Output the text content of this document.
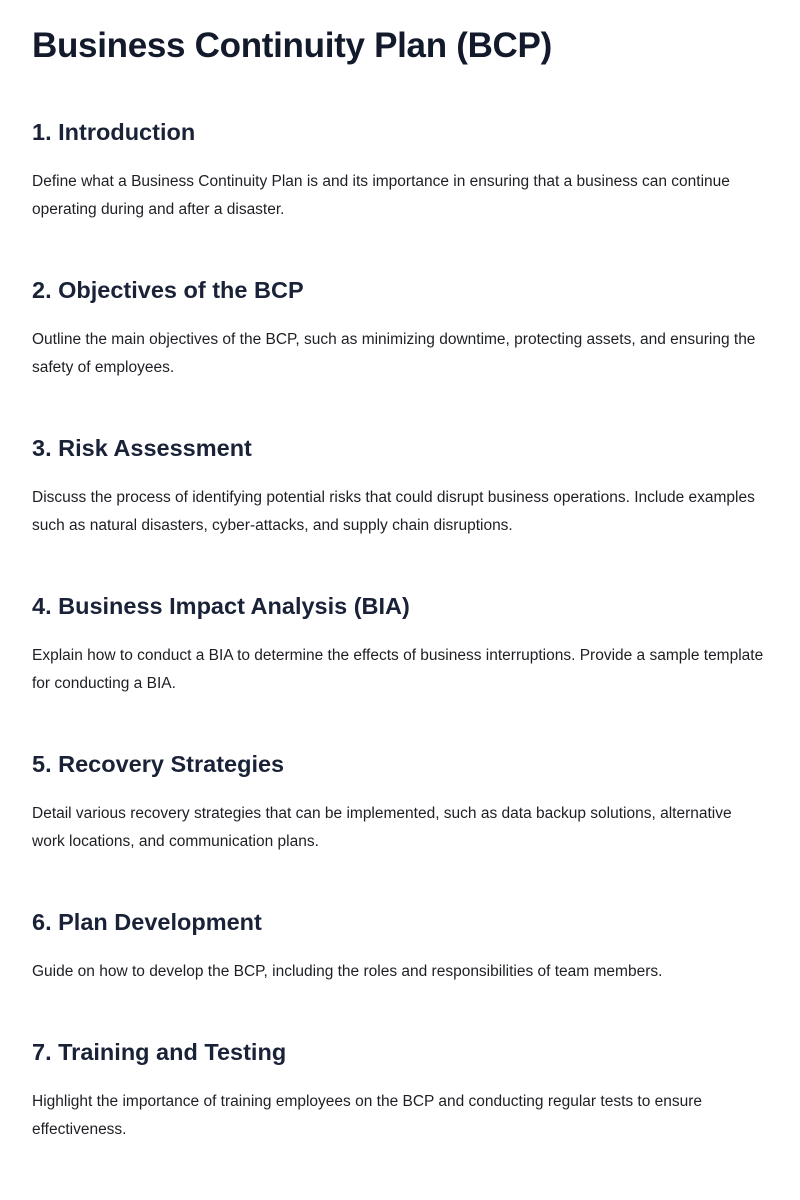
Business Continuity Plan (BCP)
1. Introduction

Define what a Business Continuity Plan is and its importance in ensuring that a business can continue operating during and after a disaster.

2. Objectives of the BCP

Outline the main objectives of the BCP, such as minimizing downtime, protecting assets, and ensuring the safety of employees.

3. Risk Assessment

Discuss the process of identifying potential risks that could disrupt business operations. Include examples such as natural disasters, cyber-attacks, and supply chain disruptions.

4. Business Impact Analysis (BIA)

Explain how to conduct a BIA to determine the effects of business interruptions. Provide a sample template for conducting a BIA.

5. Recovery Strategies

Detail various recovery strategies that can be implemented, such as data backup solutions, alternative work locations, and communication plans.

6. Plan Development

Guide on how to develop the BCP, including the roles and responsibilities of team members.

7. Training and Testing

Highlight the importance of training employees on the BCP and conducting regular tests to ensure effectiveness.
